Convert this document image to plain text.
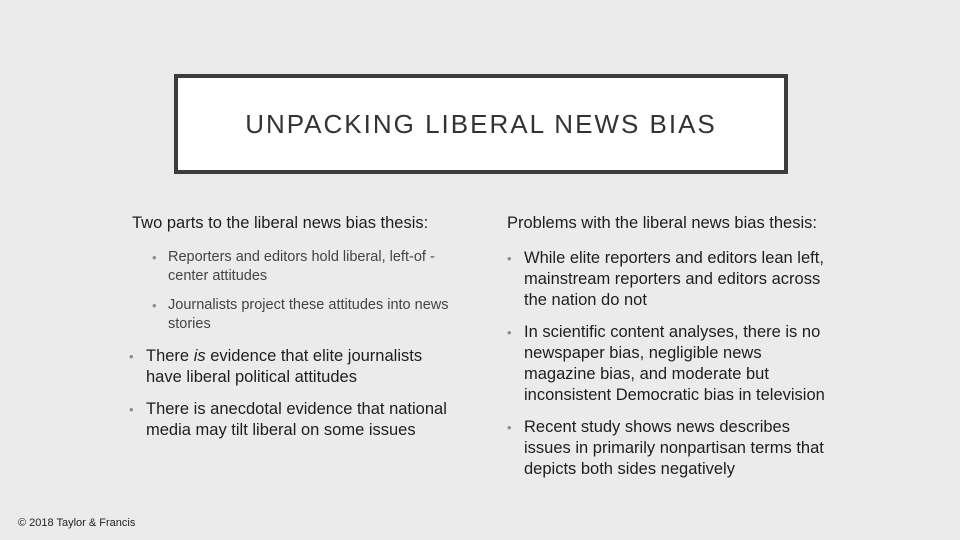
UNPACKING LIBERAL NEWS BIAS

Two parts to the liberal news bias thesis:

• Reporters and editors hold liberal, left-of -center attitudes
• Journalists project these attitudes into news stories
• There is evidence that elite journalists have liberal political attitudes
• There is anecdotal evidence that national media may tilt liberal on some issues

Problems with the liberal news bias thesis:

• While elite reporters and editors lean left, mainstream reporters and editors across the nation do not
• In scientific content analyses, there is no newspaper bias, negligible news magazine bias, and moderate but inconsistent Democratic bias in television
• Recent study shows news describes issues in primarily nonpartisan terms that depicts both sides negatively
© 2018 Taylor & Francis
